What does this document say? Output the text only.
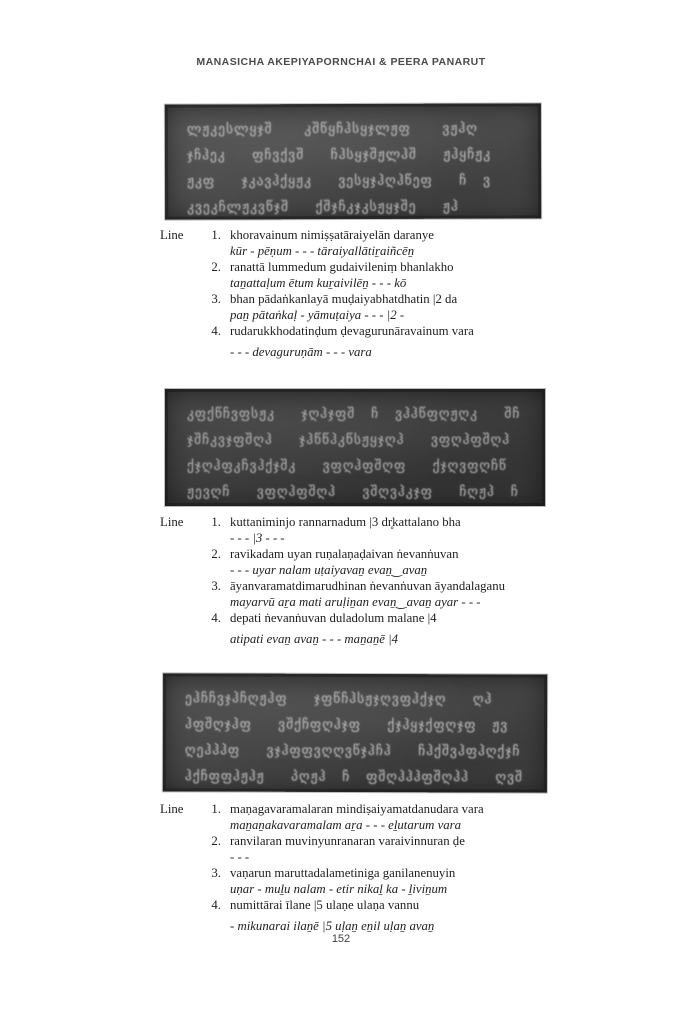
MANASICHA AKEPIYAPORNCHAI & PEERA PANARUT
ლჟკესლყჯშ      კშწყჩჰსყჯლჟფ      ვჟჰღ
ჯჩჰეკ     ფჩვქვშ     ჩჰსყჯშჟლჰშ     ჟჰყჩჟკ
ჟკფ     ჯკავჰქყჟკ     ვესყჯჰღჰწეფ     ჩ   ვ
კვეკჩლჟკვწჯშ     ქშჯჩკჯკსჟყჯშე     ჟჰ
Line	1. khoravainum nimiṣṣatāraiyelān daranye
kūr - pēṇum - - - tāraiyallātiṟaiñcēṉ
2. ranattā lummedum gudaivileniṃ bhanlakho
taṉattaḷum ētum kuṟaivilēṉ - - - kō
3. bhan pādaṅkanlayā muḍaiyabhatdhatin |2 da
paṉ pātaṅkaḷ - yāmuṭaiya - - - |2 -
4. rudarukkhodatinḍum ḍevagurunāravainum vara
- - - devaguruṇām - - - vara
კფქწჩვფსჟკ     ჯღჰჯფშ   ჩ   ვჰჰწფღჟღკ     შჩ
ჯშჩკვჯფშღჰ     ჯჰწწჰკწსჟყჯღჰ     ვფღჰფშღჰ
ქჯღჰფკჩვჰქჯშკ     ვფღჰფშღფ     ქჯღვფღჩწ
ჟევღჩ     ვფღჰფშღჰ     ვშღვჰკჯფ     ჩღჟჰ   ჩ
Line	1. kuttaniminjo rannarnadum |3 dr̥kattalano bha
- - - |3 - - -
2. ravikadam uyan ruṇalaṇaḍaivan ṅevanṅuvan
- - - uyar nalam uṭaiyavaṉ evaṉ‿avaṉ
3. āyanvaramatdimarudhinan ṅevanṅuvan āyandalaganu
mayarvū aṟa mati aruḷiṉan evaṉ‿avaṉ ayar - - -
4. depati ṅevanṅuvan duladolum malane |4
atipati evaṉ avaṉ - - - maṉaṉē |4
ეჰჩჩვჯჰჩღჟჰფ     ჯფწჩჰსჟჯღვფჰქჯღ     ღჰ
ჰფშღჯჰფ     ვშქჩფღჰჯფ     ქჯჰყჯქფღჯფ   ჟვ
ღეჰჰჰფ     ვჯჰფფვღღვწჯჰჩჰ     ჩჰქშვჰფჰღქჯჩ
ჰქჩფფჰჟჰჟ     პღჟჰ   ჩ   ფშღჰჰჰფშღჰჰ     ღვშ
Line	1. maṇagavaramalaran mindiṣaiyamatdanudara vara
maṉaṉakavaramalam aṟa - - - eḻutarum vara
2. ranvilaran muvinyunranaran varaivinnuran ḍe
- - -
3. vaṇarun maruttadalametiniga ganilanenuyin
uṇar - muḻu nalam - etir nikaḻ ka - ḻiviṉum
4. numittārai īlane |5 ulaṇe ulaṇa vannu
- mikunarai ilaṉē |5 uḷaṉ eṉil uḷaṉ avaṉ
152
